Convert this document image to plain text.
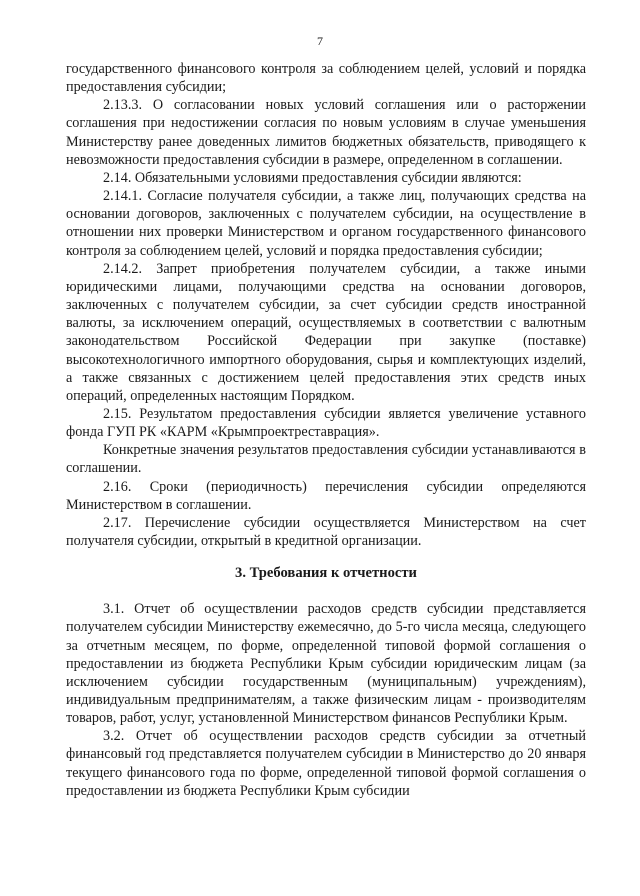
7

государственного финансового контроля за соблюдением целей, условий и порядка предоставления субсидии;

2.13.3. О согласовании новых условий соглашения или о расторжении соглашения при недостижении согласия по новым условиям в случае уменьшения Министерству ранее доведенных лимитов бюджетных обязательств, приводящего к невозможности предоставления субсидии в размере, определенном в соглашении.

2.14. Обязательными условиями предоставления субсидии являются:

2.14.1. Согласие получателя субсидии, а также лиц, получающих средства на основании договоров, заключенных с получателем субсидии, на осуществление в отношении них проверки Министерством и органом государственного финансового контроля за соблюдением целей, условий и порядка предоставления субсидии;

2.14.2. Запрет приобретения получателем субсидии, а также иными юридическими лицами, получающими средства на основании договоров, заключенных с получателем субсидии, за счет субсидии средств иностранной валюты, за исключением операций, осуществляемых в соответствии с валютным законодательством Российской Федерации при закупке (поставке) высокотехнологичного импортного оборудования, сырья и комплектующих изделий, а также связанных с достижением целей предоставления этих средств иных операций, определенных настоящим Порядком.

2.15. Результатом предоставления субсидии является увеличение уставного фонда ГУП РК «КАРМ «Крымпроектреставрация».

Конкретные значения результатов предоставления субсидии устанавливаются в соглашении.

2.16. Сроки (периодичность) перечисления субсидии определяются Министерством в соглашении.

2.17. Перечисление субсидии осуществляется Министерством на счет получателя субсидии, открытый в кредитной организации.

3. Требования к отчетности

3.1. Отчет об осуществлении расходов средств субсидии представляется получателем субсидии Министерству ежемесячно, до 5-го числа месяца, следующего за отчетным месяцем, по форме, определенной типовой формой соглашения о предоставлении из бюджета Республики Крым субсидии юридическим лицам (за исключением субсидии государственным (муниципальным) учреждениям), индивидуальным предпринимателям, а также физическим лицам - производителям товаров, работ, услуг, установленной Министерством финансов Республики Крым.

3.2. Отчет об осуществлении расходов средств субсидии за отчетный финансовый год представляется получателем субсидии в Министерство до 20 января текущего финансового года по форме, определенной типовой формой соглашения о предоставлении из бюджета Республики Крым субсидии
